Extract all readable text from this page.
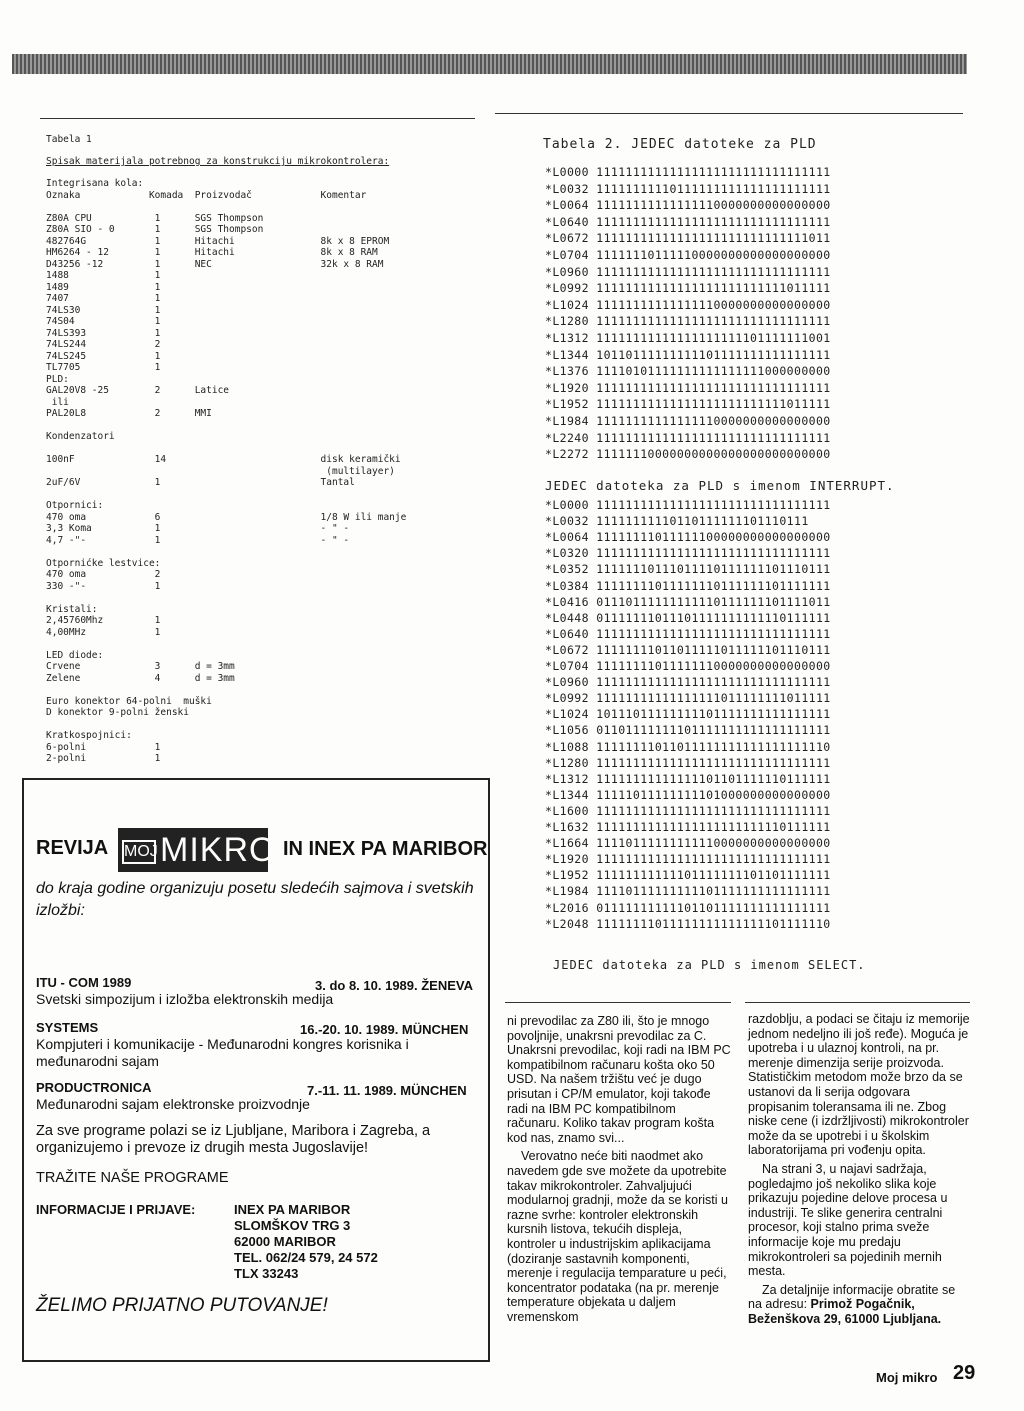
Tabela 1
Spisak materijala potrebnog za konstrukciju mikrokontrolera:
Integrisana kola:
Oznaka            Komada  Proizvodač            Komentar
Z80A CPU           1      SGS Thompson
Z80A SIO - 0       1      SGS Thompson
482764G            1      Hitachi               8k x 8 EPROM
HM6264 - 12        1      Hitachi               8k x 8 RAM
D43256 -12         1      NEC                   32k x 8 RAM
1488               1
1489               1
7407               1
74LS30             1
74S04              1
74LS393            1
74LS244            2
74LS245            1
TL7705             1
PLD:
GAL20V8 -25        2      Latice
ili
PAL20L8            2      MMI
Kondenzatori
100nF              14                           disk keramički
(multilayer)
2uF/6V             1                            Tantal
Otpornici:
470 oma            6                            1/8 W ili manje
3,3 Koma           1                            - " -
4,7 -"-            1                            - " -
Otpornićke lestvice:
470 oma            2
330 -"-            1
Kristali:
2,45760Mhz         1
4,00MHz            1
LED diode:
Crvene             3      d = 3mm
Zelene             4      d = 3mm
Euro konektor 64-polni  muški
D konektor 9-polni ženski
Kratkospojnici:
6-polni            1
2-polni            1
Tabela 2. JEDEC datoteke za PLD
*L0000 11111111111111111111111111111111
*L0032 11111111110111111111111111111111
*L0064 11111111111111110000000000000000
*L0640 11111111111111111111111111111111
*L0672 11111111111111111111111111111011
*L0704 11111110111110000000000000000000
*L0960 11111111111111111111111111111111
*L0992 11111111111111111111111111011111
*L1024 11111111111111110000000000000000
*L1280 11111111111111111111111111111111
*L1312 11111111111111111111101111111001
*L1344 10110111111111101111111111111111
*L1376 11110101111111111111111000000000
*L1920 11111111111111111111111111111111
*L1952 11111111111111111111111111011111
*L1984 11111111111111110000000000000000
*L2240 11111111111111111111111111111111
*L2272 11111110000000000000000000000000
JEDEC datoteka za PLD s imenom INTERRUPT.
*L0000 11111111111111111111111111111111
*L0032 11111111110110111111101110111
*L0064 11111111011111100000000000000000
*L0320 11111111111111111111111111111111
*L0352 11111110111011110111111101110111
*L0384 11111111011111110111111101111111
*L0416 01110111111111110111111101111011
*L0448 01111111011101111111111110111111
*L0640 11111111111111111111111111111111
*L0672 11111111011011111011111101110111
*L0704 11111111011111110000000000000000
*L0960 11111111111111111111111111111111
*L0992 11111111111111111011111111011111
*L1024 10111011111111101111111111111111
*L1056 01101111111101111111111111111111
*L1088 11111111011011111111111111111110
*L1280 11111111111111111111111111111111
*L1312 11111111111111101101111110111111
*L1344 11111011111111101000000000000000
*L1600 11111111111111111111111111111111
*L1632 11111111111111111111111110111111
*L1664 11110111111111110000000000000000
*L1920 11111111111111111111111111111111
*L1952 11111111111101111111101101111111
*L1984 11110111111111101111111111111111
*L2016 01111111111101101111111111111111
*L2048 11111111011111111111111101111110
JEDEC datoteka za PLD s imenom SELECT.
REVIJA MOJ MIKRO IN INEX PA MARIBOR
do kraja godine organizuju posetu sledećih sajmova i svetskih izložbi:
ITU - COM 1989	3. do 8. 10. 1989. ŽENEVA
Svetski simpozijum i izložba elektronskih medija
SYSTEMS	16.-20. 10. 1989. MÜNCHEN
Kompjuteri i komunikacije - Međunarodni kongres korisnika i međunarodni sajam
PRODUCTRONICA	7.-11. 11. 1989. MÜNCHEN
Međunarodni sajam elektronske proizvodnje
Za sve programe polazi se iz Ljubljane, Maribora i Zagreba, a organizujemo i prevoze iz drugih mesta Jugoslavije!
TRAŽITE NAŠE PROGRAME
INFORMACIJE I PRIJAVE:	INEX PA MARIBOR
SLOMŠKOV TRG 3
62000 MARIBOR
TEL. 062/24 579, 24 572
TLX 33243
ŽELIMO PRIJATNO PUTOVANJE!

ni prevodilac za Z80 ili, što je mnogo povoljnije, unakrsni prevodilac za C. Unakrsni prevodilac, koji radi na IBM PC kompatibilnom računaru košta oko 50 USD. Na našem tržištu već je dugo prisutan i CP/M emulator, koji takođe radi na IBM PC kompatibilnom računaru. Koliko takav program košta kod nas, znamo svi...

Verovatno neće biti naodmet ako navedem gde sve možete da upotrebite takav mikrokontroler. Zahvaljujući modularnoj gradnji, može da se koristi u razne svrhe: kontroler elektronskih kursnih listova, tekućih displeja, kontroler u industrijskim aplikacijama (doziranje sastavnih komponenti, merenje i regulacija temparature u peći, koncentrator podataka (na pr. merenje temperature objekata u daljem vremenskom

razdoblju, a podaci se čitaju iz memorije jednom nedeljno ili još ređe). Moguća je upotreba i u ulaznoj kontroli, na pr. merenje dimenzija serije proizvoda. Statističkim metodom može brzo da se ustanovi da li serija odgovara propisanim toleransama ili ne. Zbog niske cene (i izdržljivosti) mikrokontroler može da se upotrebi i u školskim laboratorijama pri vođenju opita.

Na strani 3, u najavi sadržaja, pogledajmo još nekoliko slika koje prikazuju pojedine delove procesa u industriji. Te slike generira centralni procesor, koji stalno prima sveže informacije koje mu predaju mikrokontroleri sa pojedinih mernih mesta.

Za detaljnije informacije obratite se na adresu: Primož Pogačnik, Beženškova 29, 61000 Ljubljana.

Moj mikro 29
